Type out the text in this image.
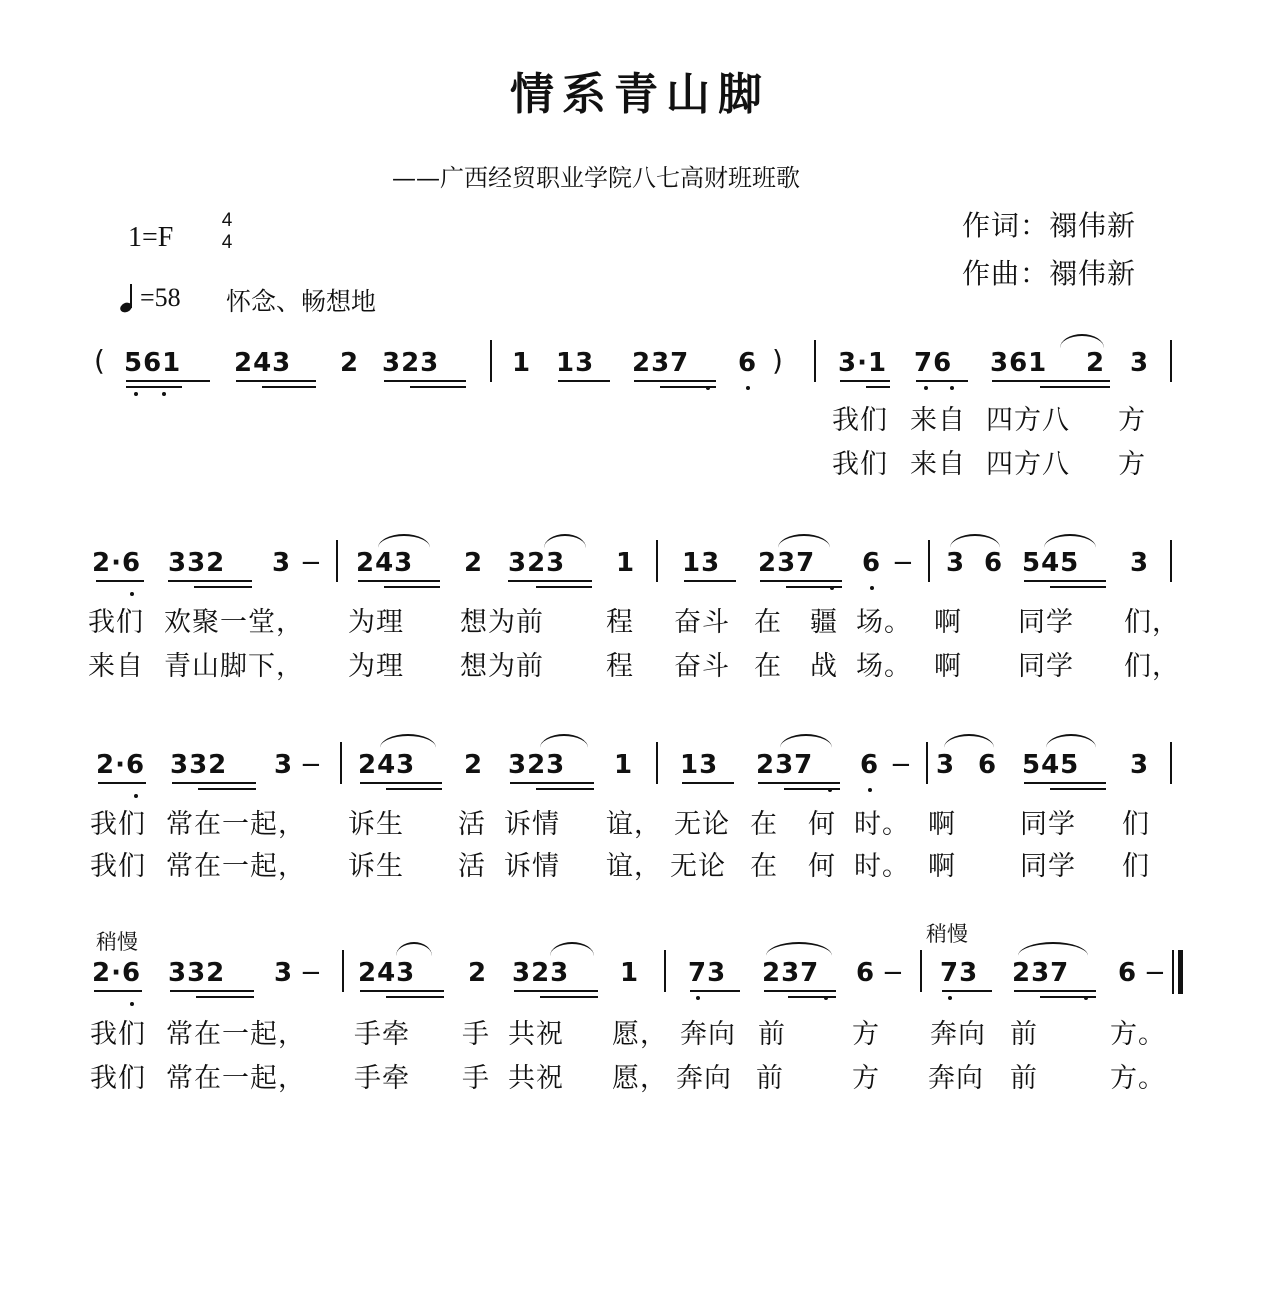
情系青山脚
——广西经贸职业学院八七高财班班歌
1=F
4
4
=58 怀念、畅想地
作词：禤伟新
作曲：禤伟新
( 561 243 2 323	1 13 237 6 ) 3·1 76 361 2 3
我们 来自 四方八 方
我们 来自 四方八 方
2·6 332 3 − 243 2 323 1 13 237 6 − 3 6 545 3
我们 欢聚一堂， 为理 想为前 程 奋斗 在 疆 场。 啊 同学 们，
来自 青山脚下， 为理 想为前 程 奋斗 在 战 场。 啊 同学 们，
2·6 332 3 − 243 2 323 1 13 237 6 − 3 6 545 3
我们 常在一起， 诉生 活 诉情 谊， 无论 在 何 时。 啊 同学 们
我们 常在一起， 诉生 活 诉情 谊， 无论 在 何 时。 啊 同学 们
稍慢	稍慢
2·6 332 3 − 243 2 323 1 73 237 6 − 73 237 6 −
我们 常在一起， 手牵 手 共祝 愿， 奔向 前 方 奔向 前	方。
我们 常在一起， 手牵 手 共祝 愿， 奔向 前	方 奔向 前	方。
